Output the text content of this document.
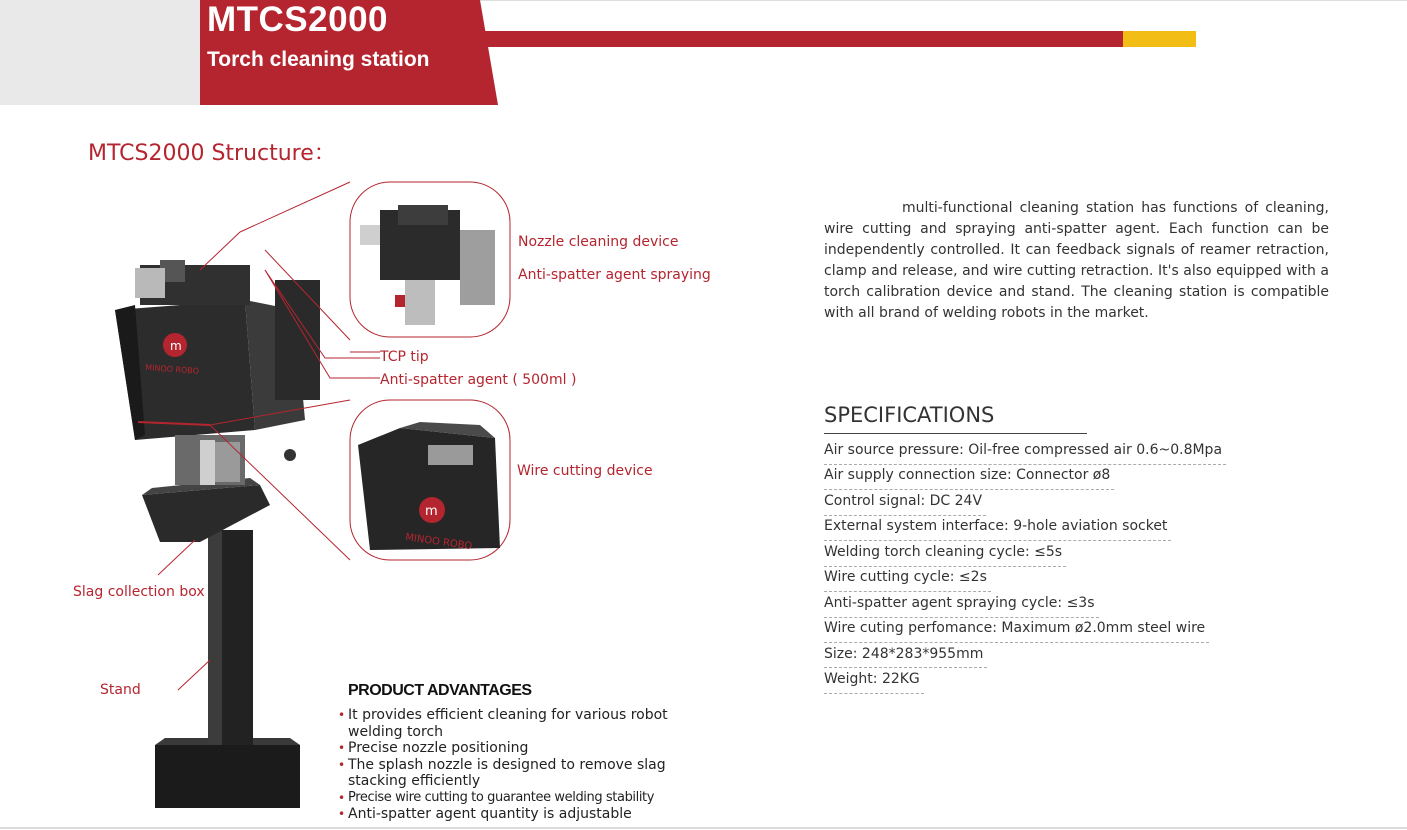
MTCS2000
Torch cleaning station
MTCS2000 Structure：
m
MINOO ROBO
m
MINOO ROBO
Nozzle cleaning device
Anti-spatter agent spraying
TCP tip
Anti-spatter agent ( 500ml )
Wire cutting device
Slag collection box
Stand
multi-functional cleaning station has functions of cleaning, wire cutting and spraying anti-spatter agent. Each function can be independently controlled. It can feedback signals of reamer retraction, clamp and release, and wire cutting retraction. It's also equipped with a torch calibration device and stand. The cleaning station is compatible with all brand of welding robots in the market.
SPECIFICATIONS
Air source pressure: Oil-free compressed air 0.6~0.8Mpa
Air supply connection size: Connector ø8
Control signal: DC 24V
External system interface: 9-hole aviation socket
Welding torch cleaning cycle: ≤5s
Wire cutting cycle: ≤2s
Anti-spatter agent spraying cycle: ≤3s
Wire cuting perfomance: Maximum ø2.0mm steel wire
Size: 248*283*955mm
Weight: 22KG
PRODUCT ADVANTAGES
• It provides efficient cleaning for various robot welding torch
• Precise nozzle positioning
• The splash nozzle is designed to remove slag stacking efficiently
• Precise wire cutting to guarantee welding stability
• Anti-spatter agent quantity is adjustable
